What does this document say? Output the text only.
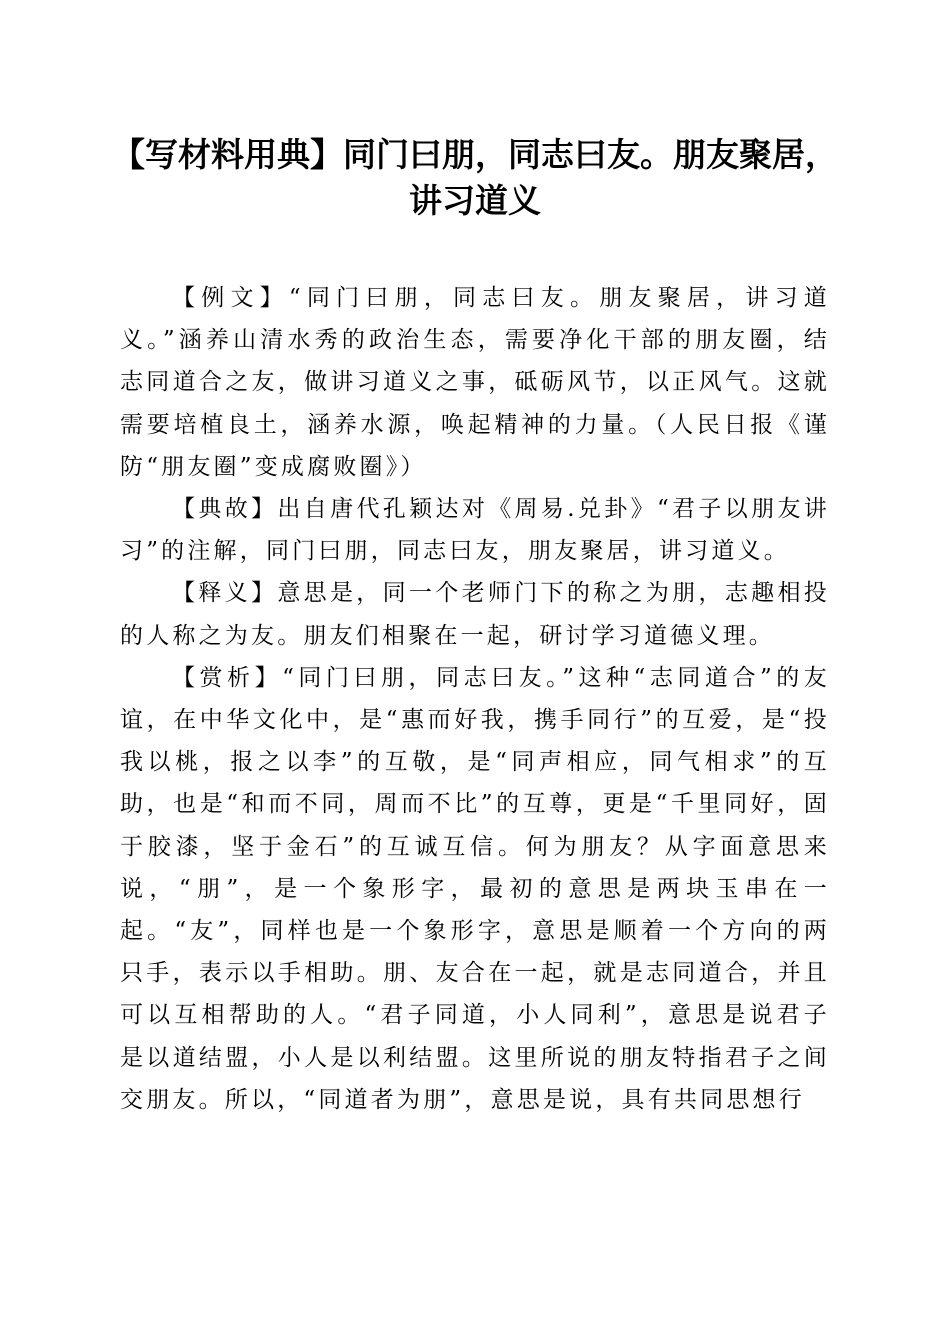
【写材料用典】同门曰朋，同志曰友。朋友聚居，讲习道义

【例文】“同门曰朋，同志曰友。朋友聚居，讲习道义。”涵养山清水秀的政治生态，需要净化干部的朋友圈，结志同道合之友，做讲习道义之事，砥砺风节，以正风气。这就需要培植良土，涵养水源，唤起精神的力量。（人民日报《谨防“朋友圈”变成腐败圈》）

【典故】出自唐代孔颖达对《周易.兑卦》“君子以朋友讲习”的注解，同门曰朋，同志曰友，朋友聚居，讲习道义。

【释义】意思是，同一个老师门下的称之为朋，志趣相投的人称之为友。朋友们相聚在一起，研讨学习道德义理。

【赏析】“同门曰朋，同志曰友。”这种“志同道合”的友谊，在中华文化中，是“惠而好我，携手同行”的互爱，是“投我以桃，报之以李”的互敬，是“同声相应，同气相求”的互助，也是“和而不同，周而不比”的互尊，更是“千里同好，固于胶漆，坚于金石”的互诚互信。何为朋友？从字面意思来说，“朋”，是一个象形字，最初的意思是两块玉串在一起。“友”，同样也是一个象形字，意思是顺着一个方向的两只手，表示以手相助。朋、友合在一起，就是志同道合，并且可以互相帮助的人。“君子同道，小人同利”，意思是说君子是以道结盟，小人是以利结盟。这里所说的朋友特指君子之间交朋友。所以，“同道者为朋”，意思是说，具有共同思想行
